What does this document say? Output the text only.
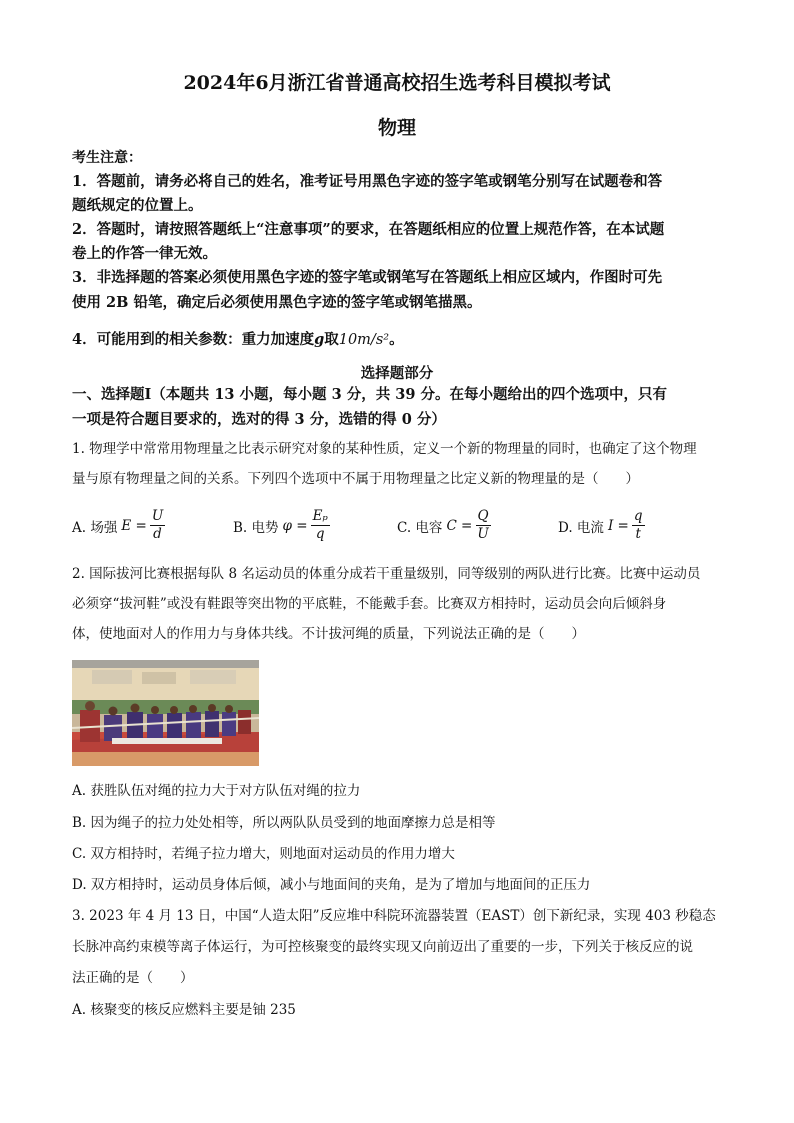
2024年6月浙江省普通高校招生选考科目模拟考试
物理
考生注意：
1．答题前，请务必将自己的姓名，准考证号用黑色字迹的签字笔或钢笔分别写在试题卷和答
题纸规定的位置上。
2．答题时，请按照答题纸上“注意事项”的要求，在答题纸相应的位置上规范作答，在本试题
卷上的作答一律无效。
3．非选择题的答案必须使用黑色字迹的签字笔或钢笔写在答题纸上相应区域内，作图时可先
使用 2B 铅笔，确定后必须使用黑色字迹的签字笔或钢笔描黑。
4．可能用到的相关参数：重力加速度g取10m/s²。
选择题部分
一、选择题Ⅰ（本题共 13 小题，每小题 3 分，共 39 分。在每小题给出的四个选项中，只有
一项是符合题目要求的，选对的得 3 分，选错的得 0 分）
1. 物理学中常常用物理量之比表示研究对象的某种性质，定义一个新的物理量的同时，也确定了这个物理
量与原有物理量之间的关系。下列四个选项中不属于用物理量之比定义新的物理量的是（　　）
A. 场强 $E = \frac{U}{d}$	B. 电势 $\varphi = \frac{\text{Eₚ}}{q}$	C. 电容 $C = \frac{Q}{U}$	D. 电流 $I = \frac{q}{t}$
2. 国际拔河比赛根据每队 8 名运动员的体重分成若干重量级别，同等级别的两队进行比赛。比赛中运动员
必须穿“拔河鞋”或没有鞋跟等突出物的平底鞋，不能戴手套。比赛双方相持时，运动员会向后倾斜身
体，使地面对人的作用力与身体共线。不计拔河绳的质量，下列说法正确的是（　　）
A. 获胜队伍对绳的拉力大于对方队伍对绳的拉力
B. 因为绳子的拉力处处相等，所以两队队员受到的地面摩擦力总是相等
C. 双方相持时，若绳子拉力增大，则地面对运动员的作用力增大
D. 双方相持时，运动员身体后倾，减小与地面间的夹角，是为了增加与地面间的正压力
3. 2023 年 4 月 13 日，中国“人造太阳”反应堆中科院环流器装置（EAST）创下新纪录，实现 403 秒稳态
长脉冲高约束模等离子体运行，为可控核聚变的最终实现又向前迈出了重要的一步，下列关于核反应的说
法正确的是（　　）
A. 核聚变的核反应燃料主要是铀 235
